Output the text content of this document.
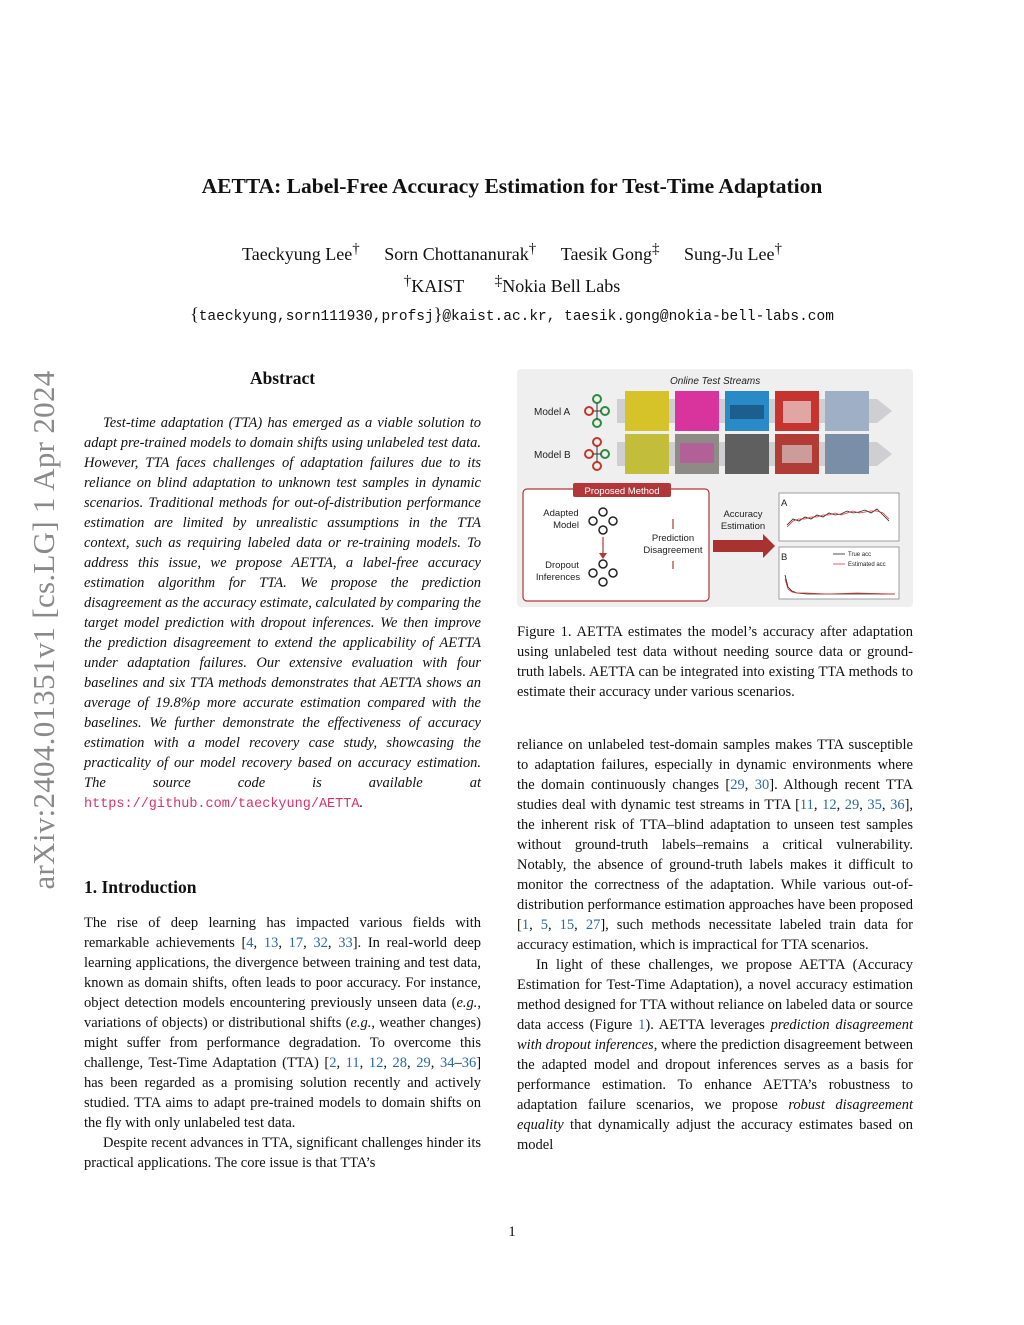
arXiv:2404.01351v1 [cs.LG] 1 Apr 2024
AETTA: Label-Free Accuracy Estimation for Test-Time Adaptation
Taeckyung Lee† Sorn Chottananurak† Taesik Gong‡ Sung-Ju Lee†
†KAIST ‡Nokia Bell Labs
{taeckyung,sorn111930,profsj}@kaist.ac.kr, taesik.gong@nokia-bell-labs.com
Abstract

Test-time adaptation (TTA) has emerged as a viable solution to adapt pre-trained models to domain shifts using unlabeled test data. However, TTA faces challenges of adaptation failures due to its reliance on blind adaptation to unknown test samples in dynamic scenarios. Traditional methods for out-of-distribution performance estimation are limited by unrealistic assumptions in the TTA context, such as requiring labeled data or re-training models. To address this issue, we propose AETTA, a label-free accuracy estimation algorithm for TTA. We propose the prediction disagreement as the accuracy estimate, calculated by comparing the target model prediction with dropout inferences. We then improve the prediction disagreement to extend the applicability of AETTA under adaptation failures. Our extensive evaluation with four baselines and six TTA methods demonstrates that AETTA shows an average of 19.8%p more accurate estimation compared with the baselines. We further demonstrate the effectiveness of accuracy estimation with a model recovery case study, showcasing the practicality of our model recovery based on accuracy estimation. The source code is available at https://github.com/taeckyung/AETTA.

1. Introduction

The rise of deep learning has impacted various fields with remarkable achievements [4, 13, 17, 32, 33]. In real-world deep learning applications, the divergence between training and test data, known as domain shifts, often leads to poor accuracy. For instance, object detection models encountering previously unseen data (e.g., variations of objects) or distributional shifts (e.g., weather changes) might suffer from performance degradation. To overcome this challenge, Test-Time Adaptation (TTA) [2, 11, 12, 28, 29, 34–36] has been regarded as a promising solution recently and actively studied. TTA aims to adapt pre-trained models to domain shifts on the fly with only unlabeled test data.

Despite recent advances in TTA, significant challenges hinder its practical applications. The core issue is that TTA’s

Online Test Streams
Model A
Model B
Proposed Method
Adapted
Model
Dropout
Inferences
Prediction
Disagreement
Accuracy
Estimation
A
B	True acc
Estimated acc

Figure 1. AETTA estimates the model’s accuracy after adaptation using unlabeled test data without needing source data or ground-truth labels. AETTA can be integrated into existing TTA methods to estimate their accuracy under various scenarios.

reliance on unlabeled test-domain samples makes TTA susceptible to adaptation failures, especially in dynamic environments where the domain continuously changes [29, 30]. Although recent TTA studies deal with dynamic test streams in TTA [11, 12, 29, 35, 36], the inherent risk of TTA–blind adaptation to unseen test samples without ground-truth labels–remains a critical vulnerability. Notably, the absence of ground-truth labels makes it difficult to monitor the correctness of the adaptation. While various out-of-distribution performance estimation approaches have been proposed [1, 5, 15, 27], such methods necessitate labeled train data for accuracy estimation, which is impractical for TTA scenarios.

In light of these challenges, we propose AETTA (Accuracy Estimation for Test-Time Adaptation), a novel accuracy estimation method designed for TTA without reliance on labeled data or source data access (Figure 1). AETTA leverages prediction disagreement with dropout inferences, where the prediction disagreement between the adapted model and dropout inferences serves as a basis for performance estimation. To enhance AETTA’s robustness to adaptation failure scenarios, we propose robust disagreement equality that dynamically adjust the accuracy estimates based on model

1
